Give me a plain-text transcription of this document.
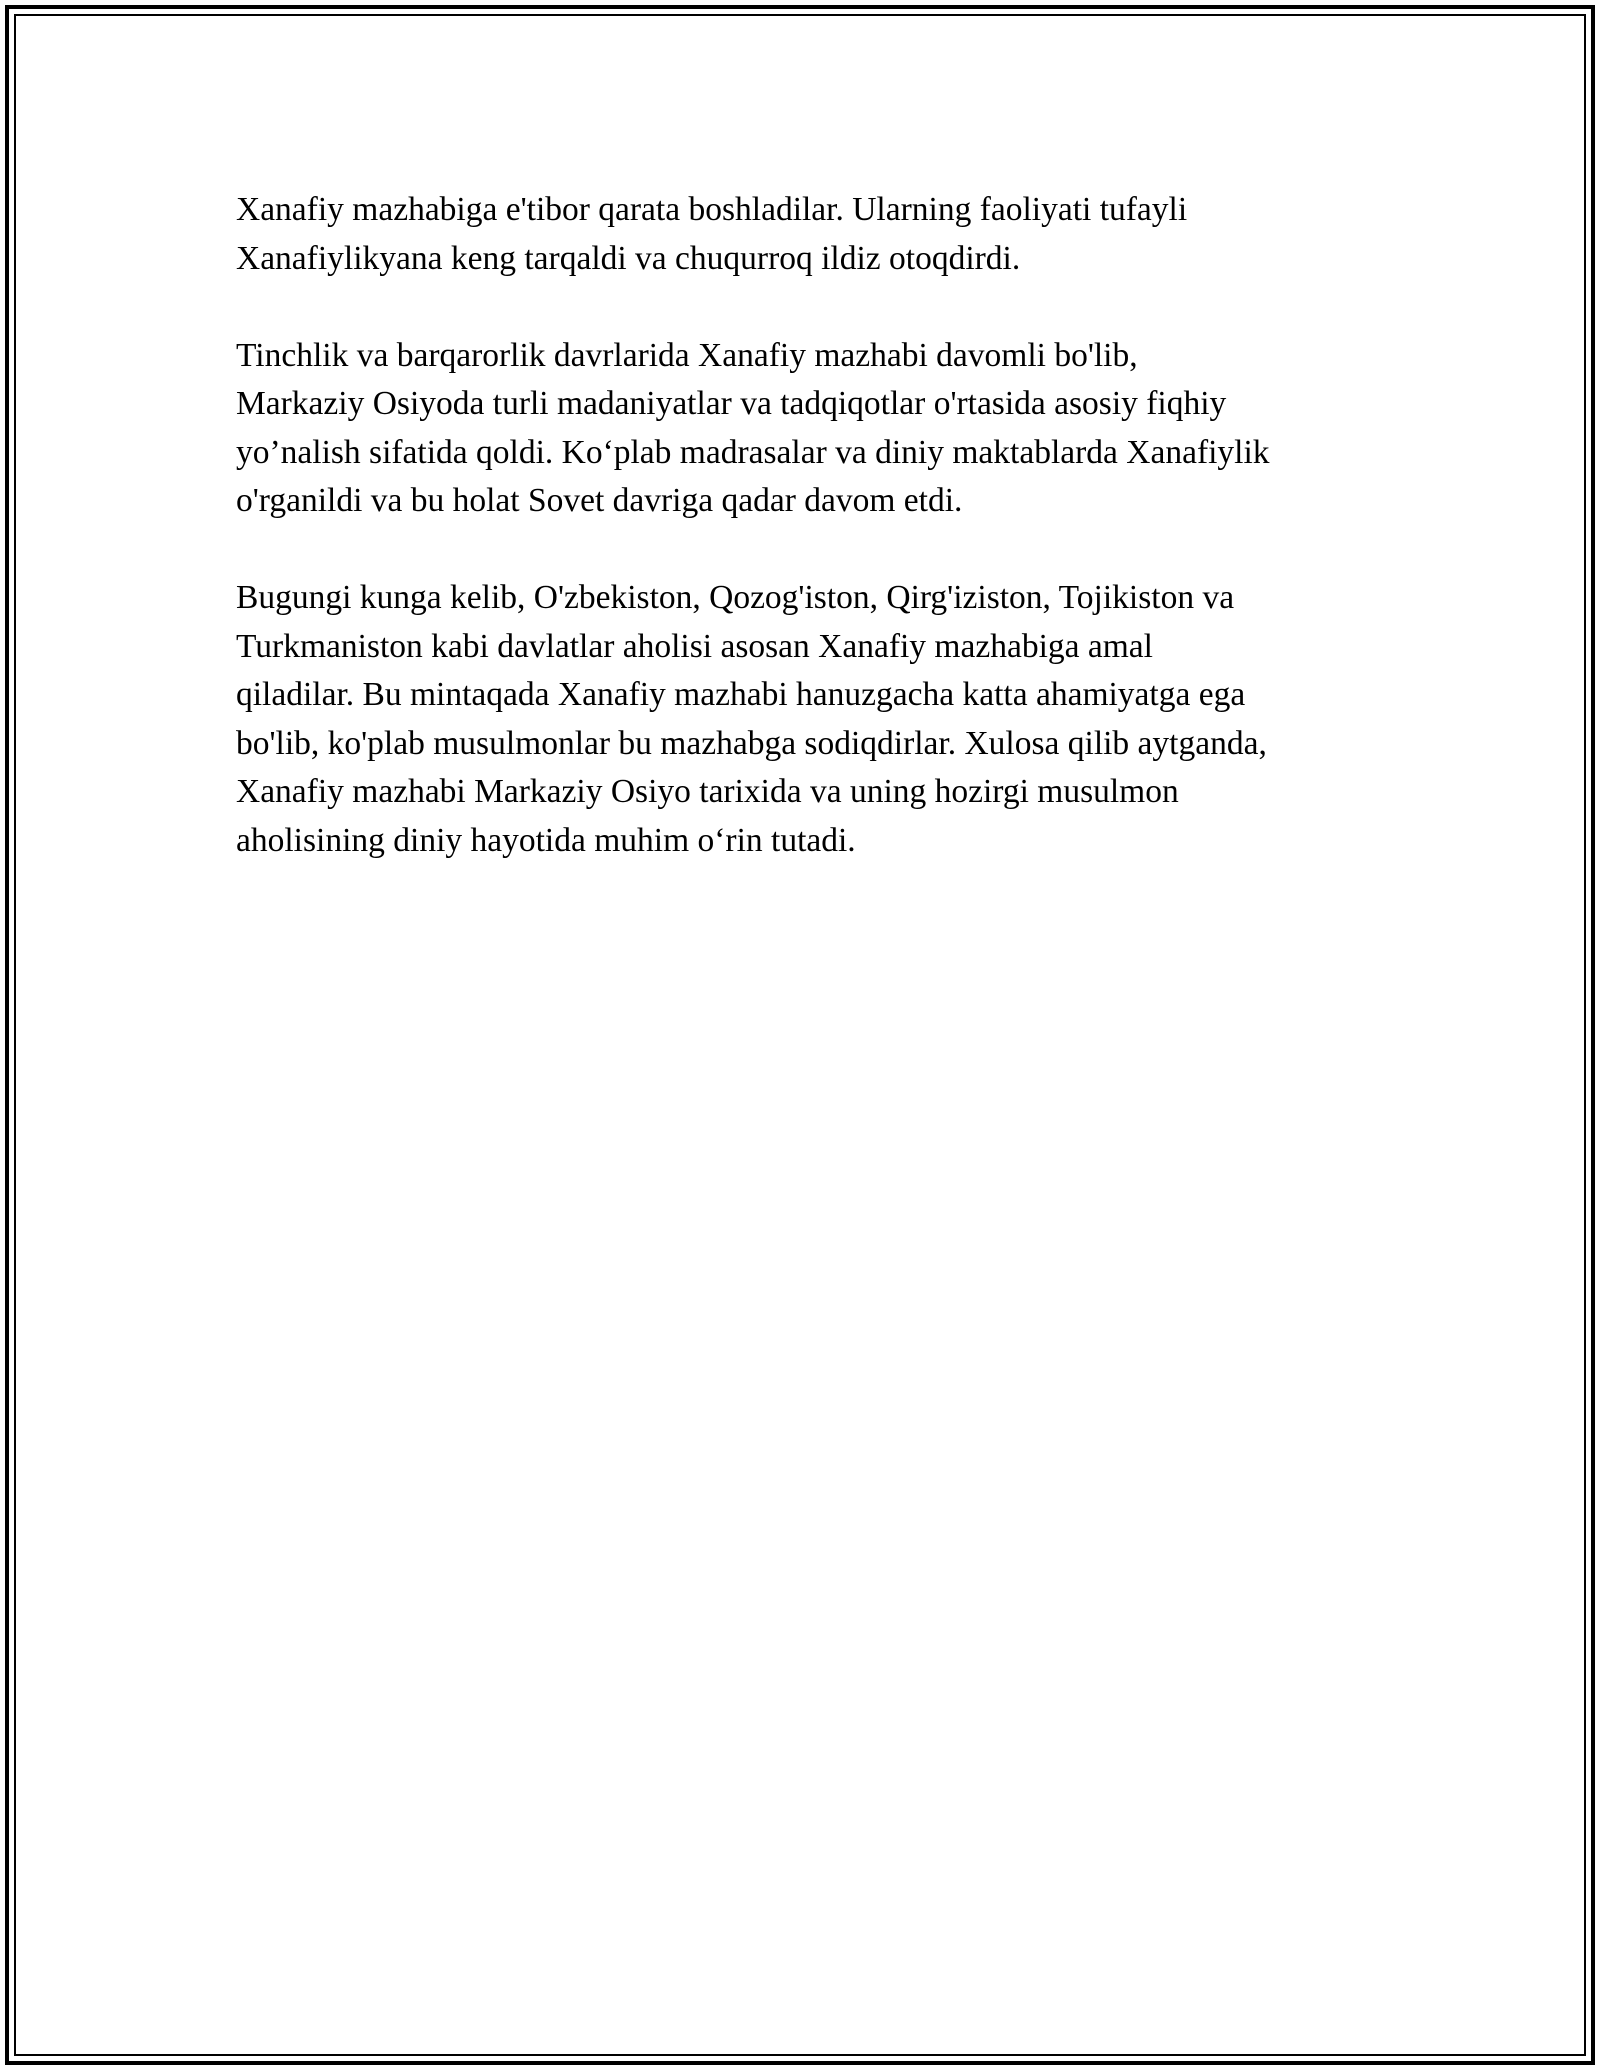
Xanafiy mazhabiga e'tibor qarata boshladilar. Ularning faoliyati tufayli
Xanafiylikyana keng tarqaldi va chuqurroq ildiz otoqdirdi.

Tinchlik va barqarorlik davrlarida Xanafiy mazhabi davomli bo'lib,
Markaziy Osiyoda turli madaniyatlar va tadqiqotlar o'rtasida asosiy fiqhiy
yo’nalish sifatida qoldi. Ko‘plab madrasalar va diniy maktablarda Xanafiylik
o'rganildi va bu holat Sovet davriga qadar davom etdi.

Bugungi kunga kelib, O'zbekiston, Qozog'iston, Qirg'iziston, Tojikiston va
Turkmaniston kabi davlatlar aholisi asosan Xanafiy mazhabiga amal
qiladilar. Bu mintaqada Xanafiy mazhabi hanuzgacha katta ahamiyatga ega
bo'lib, ko'plab musulmonlar bu mazhabga sodiqdirlar. Xulosa qilib aytganda,
Xanafiy mazhabi Markaziy Osiyo tarixida va uning hozirgi musulmon
aholisining diniy hayotida muhim o‘rin tutadi.
